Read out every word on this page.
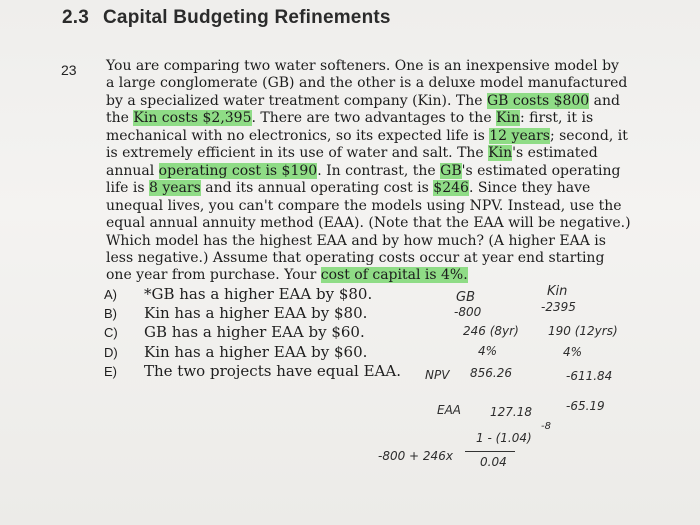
2.3 Capital Budgeting Refinements
23 You are comparing two water softeners. One is an inexpensive model by
a large conglomerate (GB) and the other is a deluxe model manufactured
by a specialized water treatment company (Kin). The GB costs $800 and
the Kin costs $2,395. There are two advantages to the Kin: first, it is
mechanical with no electronics, so its expected life is 12 years; second, it
is extremely efficient in its use of water and salt. The Kin's estimated
annual operating cost is $190. In contrast, the GB's estimated operating
life is 8 years and its annual operating cost is $246. Since they have
unequal lives, you can't compare the models using NPV. Instead, use the
equal annual annuity method (EAA). (Note that the EAA will be negative.)
Which model has the highest EAA and by how much? (A higher EAA is
less negative.) Assume that operating costs occur at year end starting
one year from purchase. Your cost of capital is 4%.
A) *GB has a higher EAA by $80.
B) Kin has a higher EAA by $80.
C) GB has a higher EAA by $60.
D) Kin has a higher EAA by $60.
E) The two projects have equal EAA.
GB	Kin
-800	-2395
246 (8yr) 190 (12yrs)
4%	4%
NPV 856.26	-611.84
EAA 127.18	-65.19
-800 + 246x
1 - (1.04)
-8
0.04
